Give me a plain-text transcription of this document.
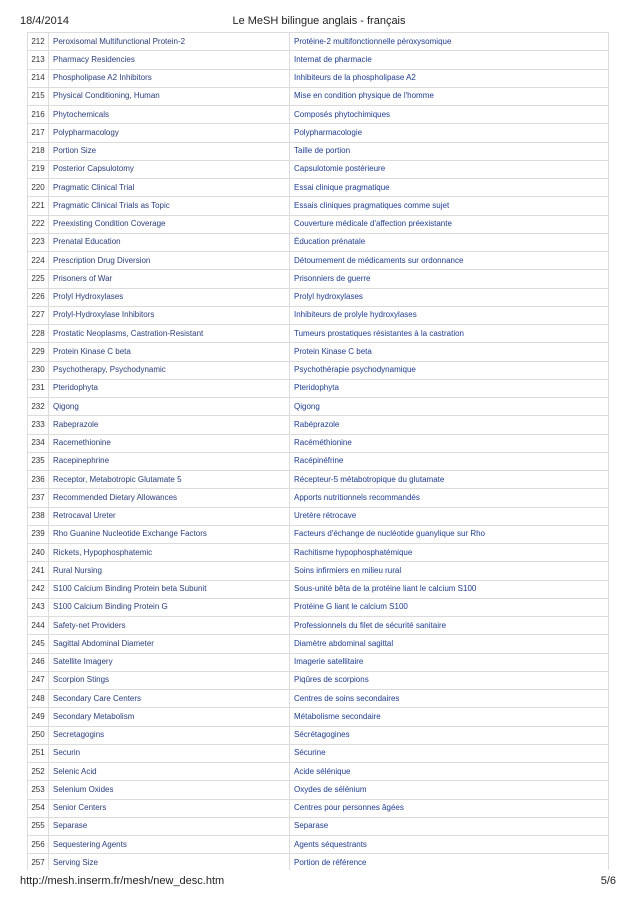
18/4/2014	Le MeSH bilingue anglais - français
212	Peroxisomal Multifunctional Protein-2	Protéine-2 multifonctionnelle péroxysomique
213	Pharmacy Residencies	Internat de pharmacie
214	Phospholipase A2 Inhibitors	Inhibiteurs de la phospholipase A2
215	Physical Conditioning, Human	Mise en condition physique de l'homme
216	Phytochemicals	Composés phytochimiques
217	Polypharmacology	Polypharmacologie
218	Portion Size	Taille de portion
219	Posterior Capsulotomy	Capsulotomie postérieure
220	Pragmatic Clinical Trial	Essai clinique pragmatique
221	Pragmatic Clinical Trials as Topic	Essais cliniques pragmatiques comme sujet
222	Preexisting Condition Coverage	Couverture médicale d'affection préexistante
223	Prenatal Education	Éducation prénatale
224	Prescription Drug Diversion	Détournement de médicaments sur ordonnance
225	Prisoners of War	Prisonniers de guerre
226	Prolyl Hydroxylases	Prolyl hydroxylases
227	Prolyl-Hydroxylase Inhibitors	Inhibiteurs de prolyle hydroxylases
228	Prostatic Neoplasms, Castration-Resistant	Tumeurs prostatiques résistantes à la castration
229	Protein Kinase C beta	Protein Kinase C beta
230	Psychotherapy, Psychodynamic	Psychothérapie psychodynamique
231	Pteridophyta	Pteridophyta
232	Qigong	Qigong
233	Rabeprazole	Rabéprazole
234	Racemethionine	Racéméthionine
235	Racepinephrine	Racépinéfrine
236	Receptor, Metabotropic Glutamate 5	Récepteur-5 métabotropique du glutamate
237	Recommended Dietary Allowances	Apports nutritionnels recommandés
238	Retrocaval Ureter	Uretère rétrocave
239	Rho Guanine Nucleotide Exchange Factors	Facteurs d'échange de nucléotide guanylique sur Rho
240	Rickets, Hypophosphatemic	Rachitisme hypophosphatémique
241	Rural Nursing	Soins infirmiers en milieu rural
242	S100 Calcium Binding Protein beta Subunit	Sous-unité bêta de la protéine liant le calcium S100
243	S100 Calcium Binding Protein G	Protéine G liant le calcium S100
244	Safety-net Providers	Professionnels du filet de sécurité sanitaire
245	Sagittal Abdominal Diameter	Diamètre abdominal sagittal
246	Satellite Imagery	Imagerie satellitaire
247	Scorpion Stings	Piqûres de scorpions
248	Secondary Care Centers	Centres de soins secondaires
249	Secondary Metabolism	Métabolisme secondaire
250	Secretagogins	Sécrétagogines
251	Securin	Sécurine
252	Selenic Acid	Acide sélénique
253	Selenium Oxides	Oxydes de sélénium
254	Senior Centers	Centres pour personnes âgées
255	Separase	Separase
256	Sequestering Agents	Agents séquestrants
257	Serving Size	Portion de référence

http://mesh.inserm.fr/mesh/new_desc.htm	5/6
